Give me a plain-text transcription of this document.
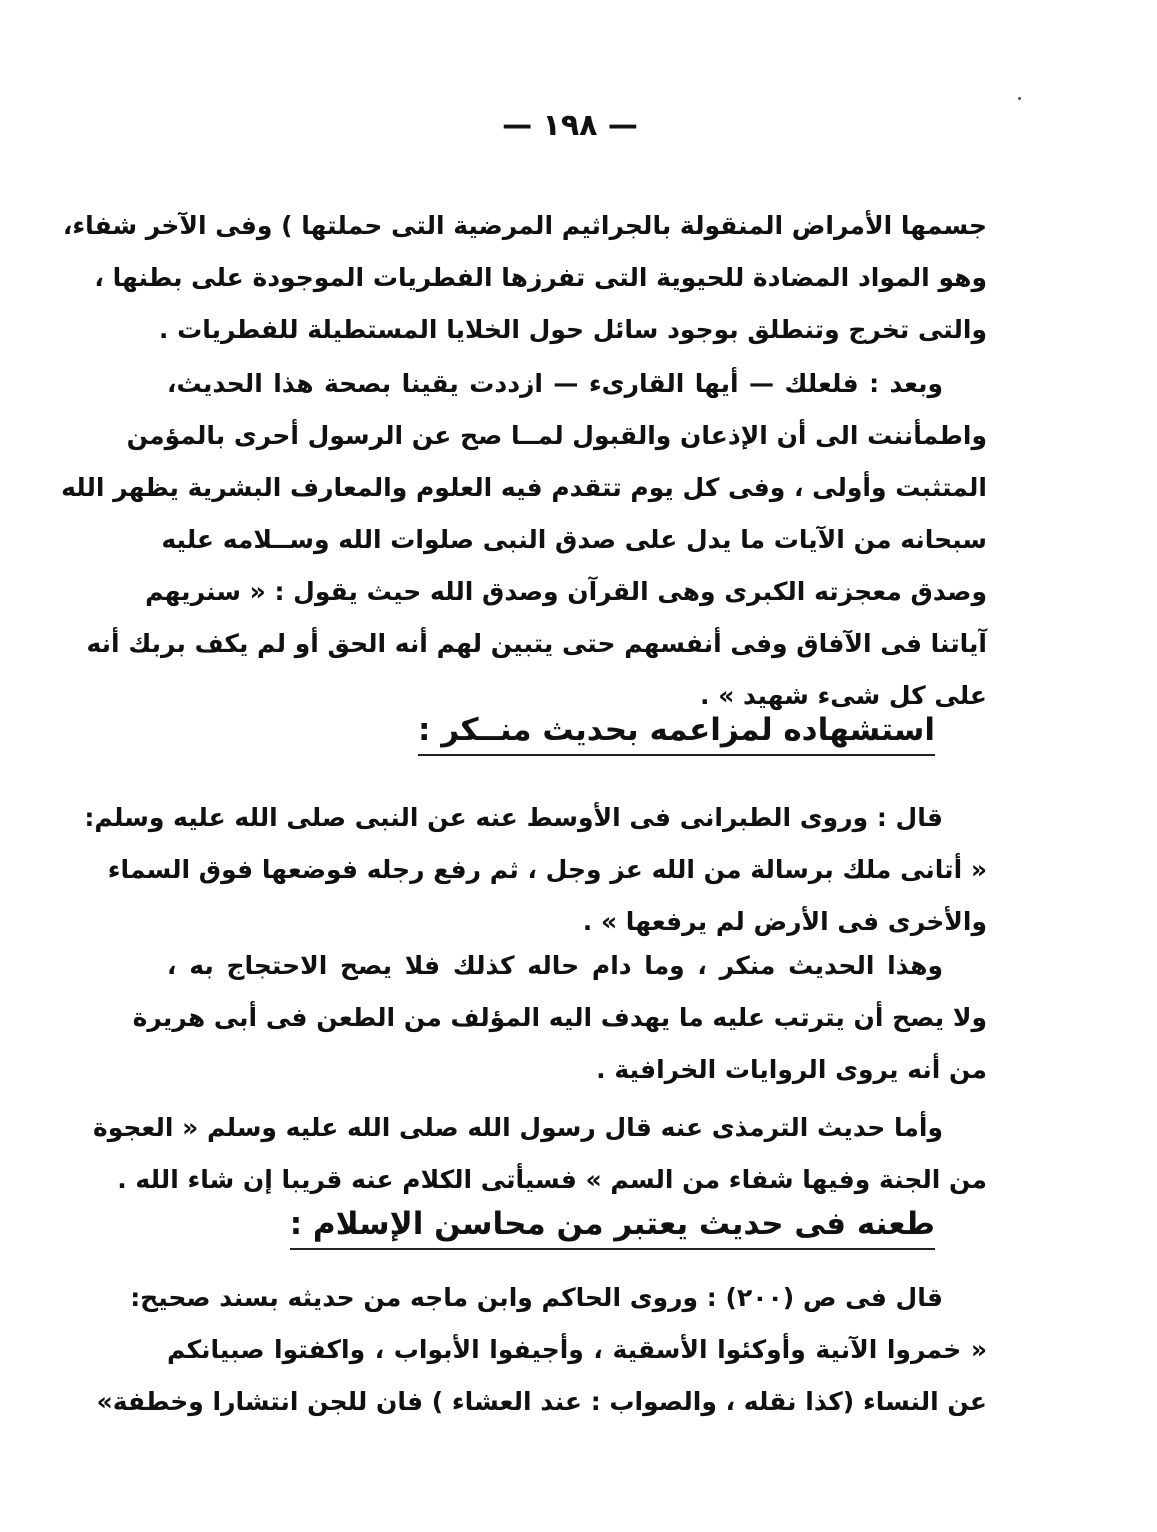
— ١٩٨ —
جسمها الأمراض المنقولة بالجراثيم المرضية التى حملتها ) وفى الآخر شفاء،
وهو المواد المضادة للحيوية التى تفرزها الفطريات الموجودة على بطنها ،
والتى تخرج وتنطلق بوجود سائل حول الخلايا المستطيلة للفطريات .
وبعد : فلعلك — أيها القارىء — ازددت يقينا بصحة هذا الحديث،
واطمأننت الى أن الإذعان والقبول لمــا صح عن الرسول أحرى بالمؤمن
المتثبت وأولى ، وفى كل يوم تتقدم فيه العلوم والمعارف البشرية يظهر الله
سبحانه من الآيات ما يدل على صدق النبى صلوات الله وســلامه عليه
وصدق معجزته الكبرى وهى القرآن وصدق الله حيث يقول : « سنريهم
آياتنا فى الآفاق وفى أنفسهم حتى يتبين لهم أنه الحق أو لم يكف بربك أنه
على كل شىء شهيد » .
استشهاده لمزاعمه بحديث منــكر :
قال : وروى الطبرانى فى الأوسط عنه عن النبى صلى الله عليه وسلم:
« أتانى ملك برسالة من الله عز وجل ، ثم رفع رجله فوضعها فوق السماء
والأخرى فى الأرض لم يرفعها » .
وهذا الحديث منكر ، وما دام حاله كذلك فلا يصح الاحتجاج به ،
ولا يصح أن يترتب عليه ما يهدف اليه المؤلف من الطعن فى أبى هريرة
من أنه يروى الروايات الخرافية .
وأما حديث الترمذى عنه قال رسول الله صلى الله عليه وسلم « العجوة
من الجنة وفيها شفاء من السم » فسيأتى الكلام عنه قريبا إن شاء الله .
طعنه فى حديث يعتبر من محاسن الإسلام :
قال فى ص (٢٠٠) : وروى الحاكم وابن ماجه من حديثه بسند صحيح:
« خمروا الآنية وأوكئوا الأسقية ، وأجيفوا الأبواب ، واكفتوا صبيانكم
عن النساء (كذا نقله ، والصواب : عند العشاء ) فان للجن انتشارا وخطفة»
